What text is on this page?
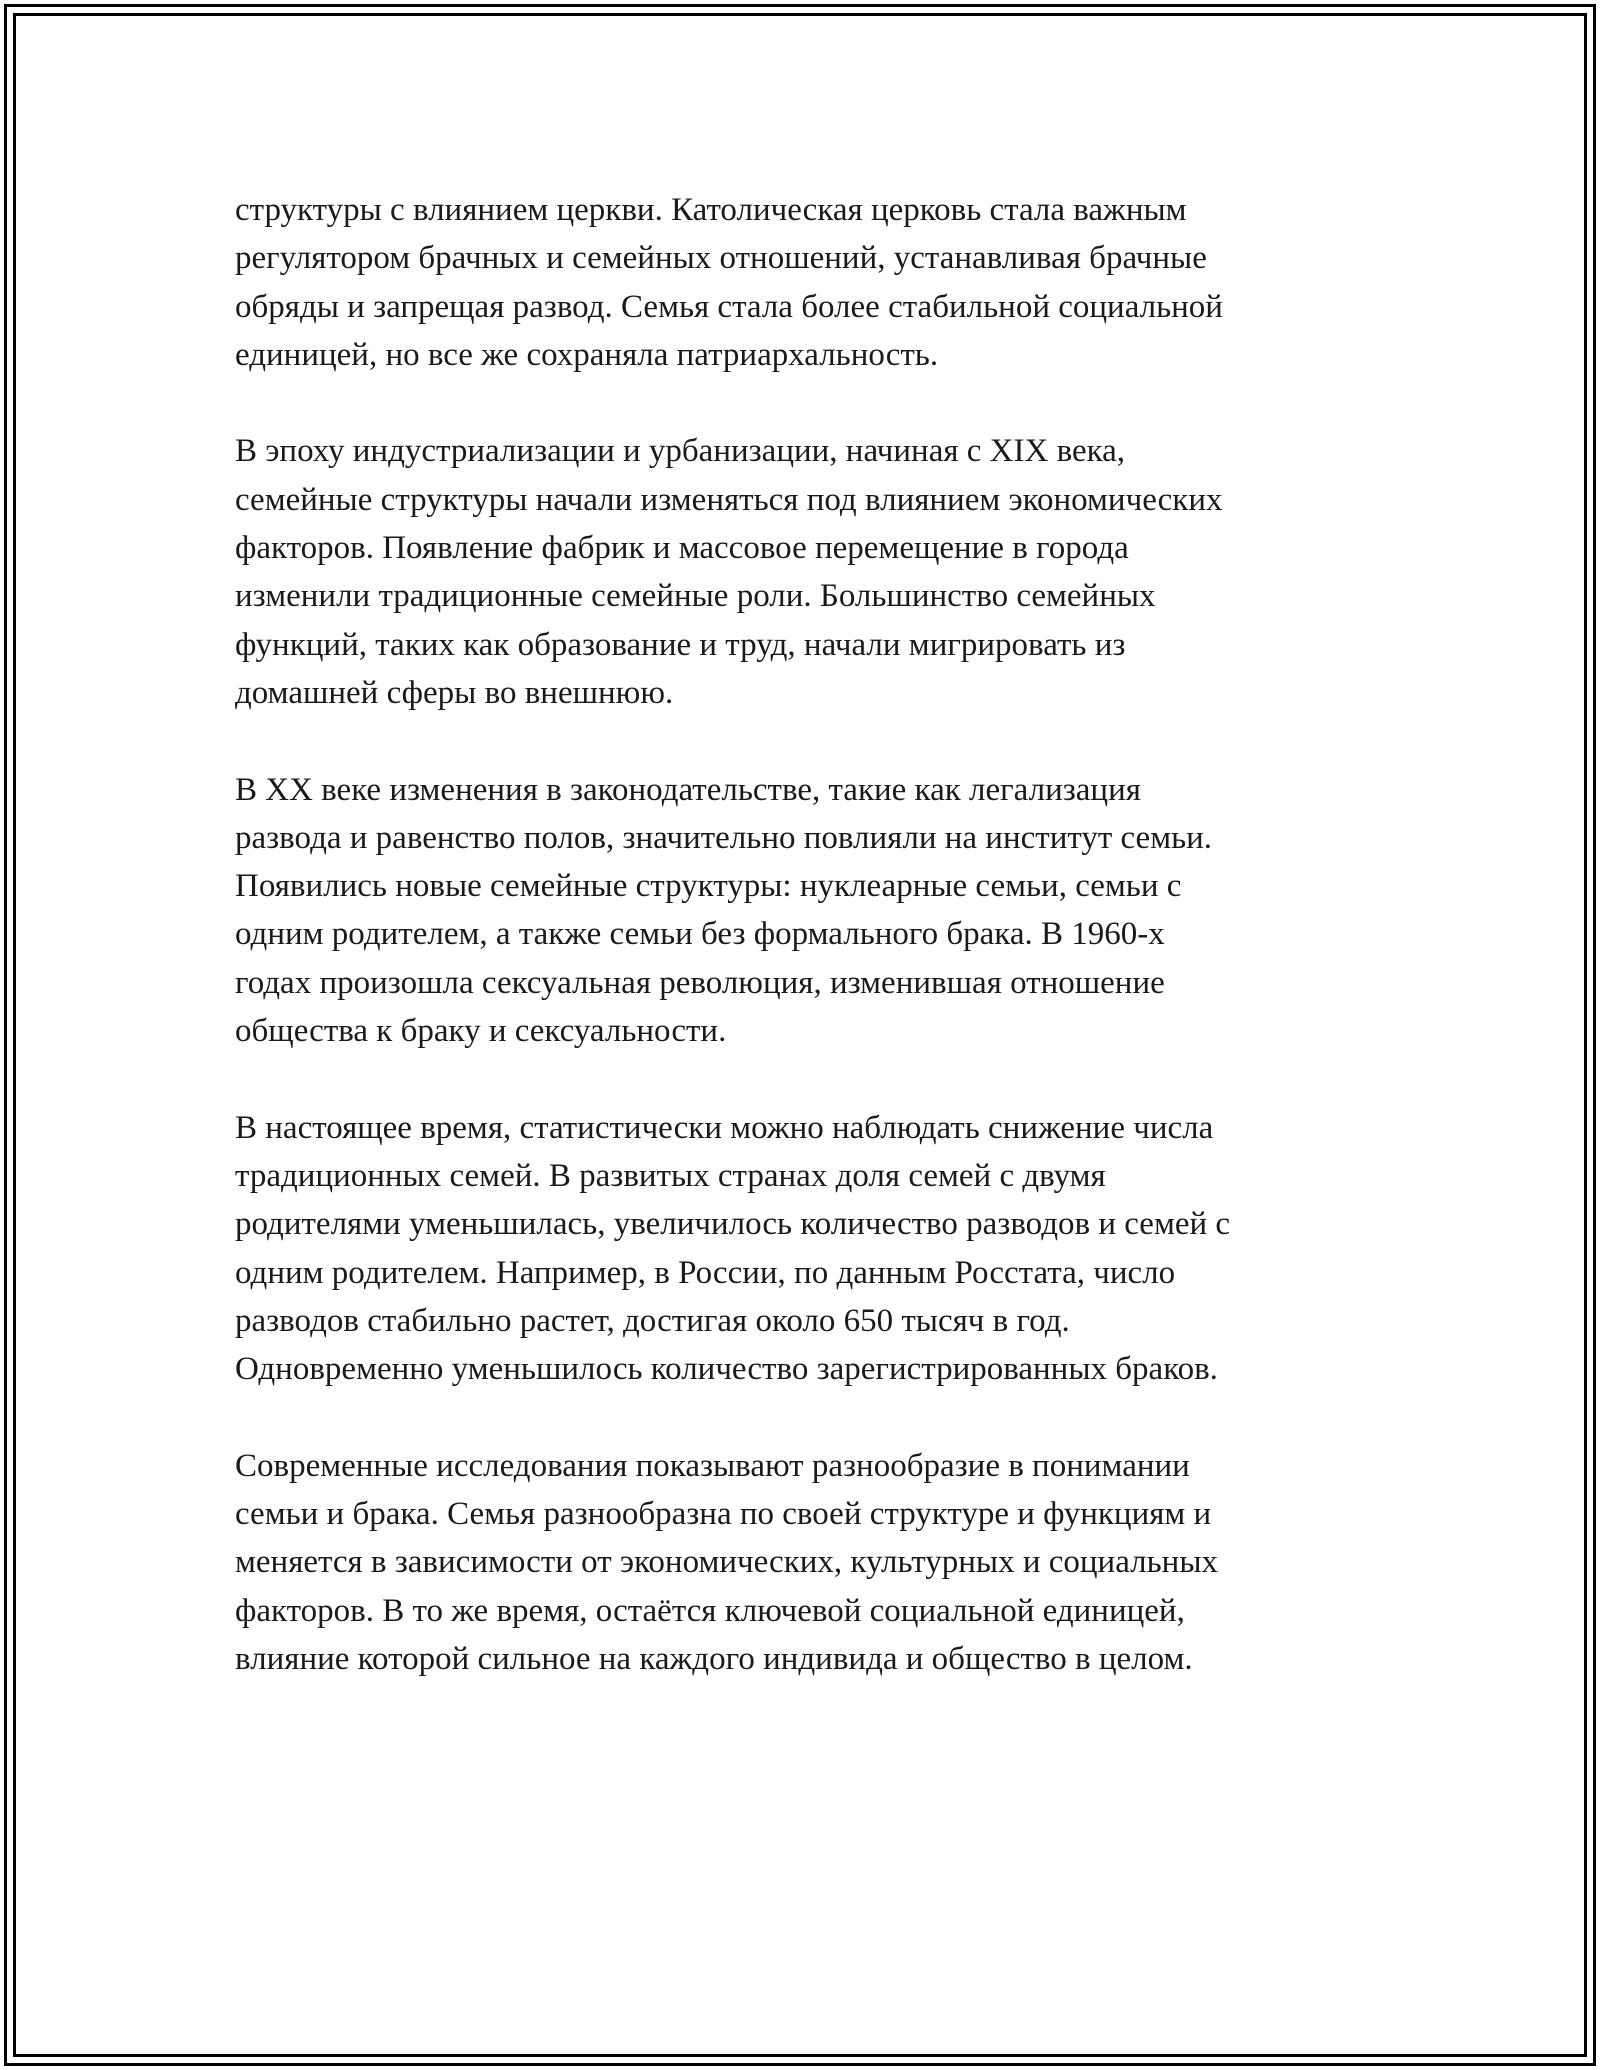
структуры с влиянием церкви. Католическая церковь стала важным
регулятором брачных и семейных отношений, устанавливая брачные
обряды и запрещая развод. Семья стала более стабильной социальной
единицей, но все же сохраняла патриархальность.

В эпоху индустриализации и урбанизации, начиная с XIX века,
семейные структуры начали изменяться под влиянием экономических
факторов. Появление фабрик и массовое перемещение в города
изменили традиционные семейные роли. Большинство семейных
функций, таких как образование и труд, начали мигрировать из
домашней сферы во внешнюю.

В XX веке изменения в законодательстве, такие как легализация
развода и равенство полов, значительно повлияли на институт семьи.
Появились новые семейные структуры: нуклеарные семьи, семьи с
одним родителем, а также семьи без формального брака. В 1960-х
годах произошла сексуальная революция, изменившая отношение
общества к браку и сексуальности.

В настоящее время, статистически можно наблюдать снижение числа
традиционных семей. В развитых странах доля семей с двумя
родителями уменьшилась, увеличилось количество разводов и семей с
одним родителем. Например, в России, по данным Росстата, число
разводов стабильно растет, достигая около 650 тысяч в год.
Одновременно уменьшилось количество зарегистрированных браков.

Современные исследования показывают разнообразие в понимании
семьи и брака. Семья разнообразна по своей структуре и функциям и
меняется в зависимости от экономических, культурных и социальных
факторов. В то же время, остаётся ключевой социальной единицей,
влияние которой сильное на каждого индивида и общество в целом.
